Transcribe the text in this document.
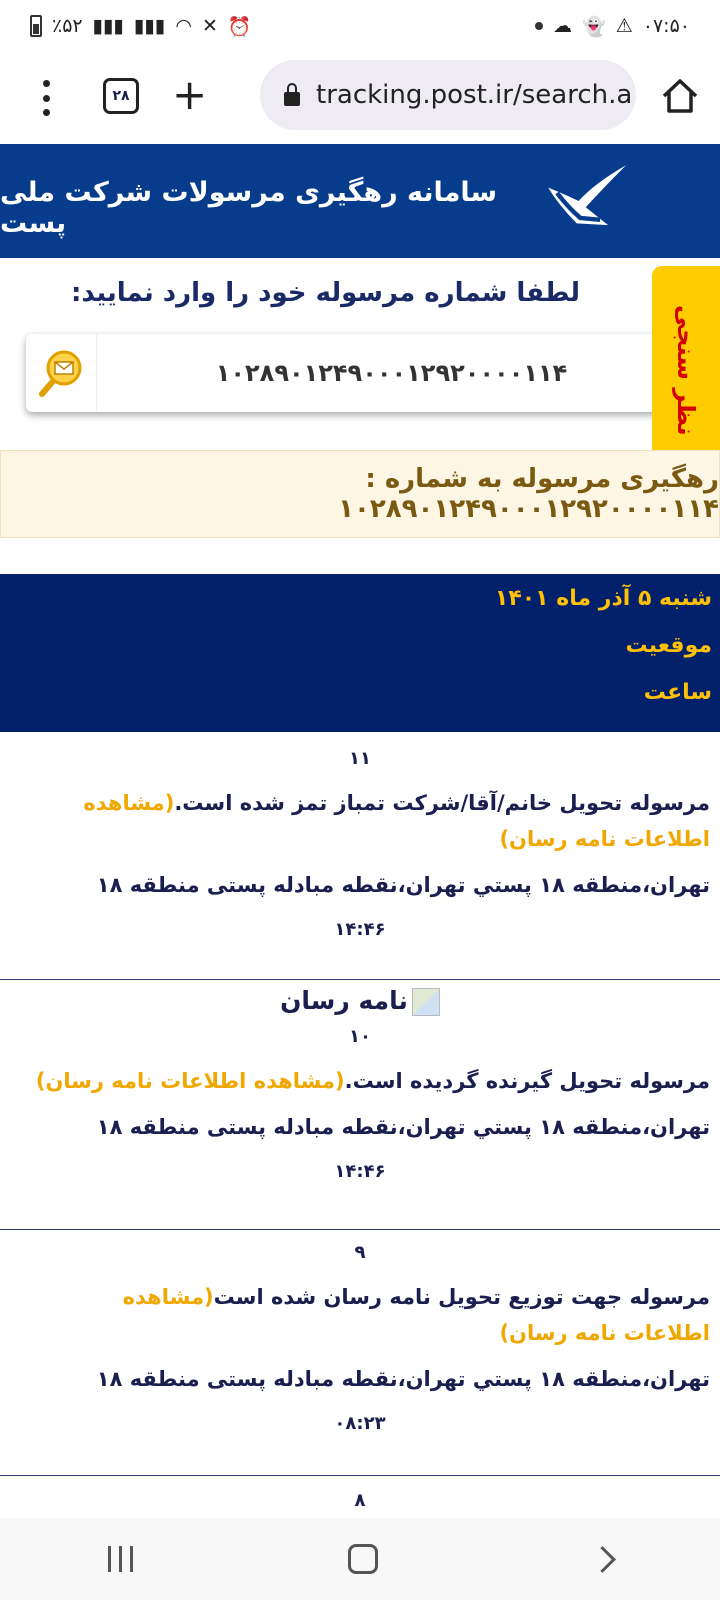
٪۵۲ ▮▮▮ ▮▮▮ ◠ ✕ ⏰	☁ 👻 ⚠ ۰۷:۵۰
۲۸ +	tracking.post.ir/search.a
سامانه رهگیری مرسولات شرکت ملی پست
لطفا شماره مرسوله خود را وارد نمایید:
۱۰۲۸۹۰۱۲۴۹۰۰۰۱۲۹۲۰۰۰۰۱۱۴	نظر سنجی
رهگیری مرسوله به شماره : ۱۰۲۸۹۰۱۲۴۹۰۰۰۱۲۹۲۰۰۰۰۱۱۴
شنبه ۵ آذر ماه ۱۴۰۱
موقعیت
ساعت
۱۱
مرسوله تحویل خانم/آقا/شرکت تمباز تمز شده است.(مشاهده اطلاعات نامه رسان)
تهران،منطقه ۱۸ پستي تهران،نقطه مبادله پستی منطقه ۱۸
۱۴:۴۶
نامه رسان
۱۰
مرسوله تحویل گیرنده گردیده است.(مشاهده اطلاعات نامه رسان)
تهران،منطقه ۱۸ پستي تهران،نقطه مبادله پستی منطقه ۱۸
۱۴:۴۶
۹
مرسوله جهت توزیع تحویل نامه رسان شده است(مشاهده اطلاعات نامه رسان)
تهران،منطقه ۱۸ پستي تهران،نقطه مبادله پستی منطقه ۱۸
۰۸:۲۳
۸
